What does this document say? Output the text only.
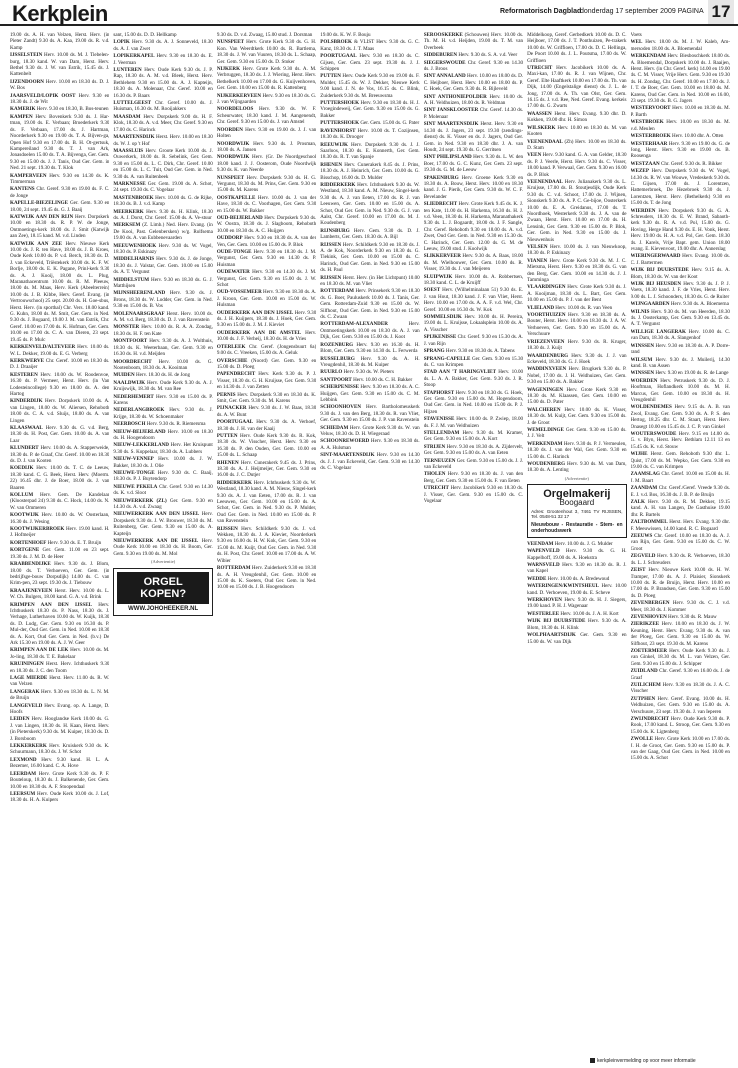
Kerkplein	Reformatorisch Dagblad
donderdag 17 september 2009 PAGINA 17
19.00 ds. A. H. van Velzen, Herst. Herv. (in Pieter Zandt) 9.30 ds. A. Kaa, 19.00 ds. R. v.d. Kamp
IJSSELSTEIN Herv. 10.00 ds. M. J. Tiebelen-burg, 18.30 kand. W. van Dam, Herst. Herv. Bethel 9.30 ds. J. W. van Estrik, 15.45 ds. J. Kattenbelt
IJZENDOORN Herv. 10.00 en 18.30 ds. D. J. W. Bos
JAARSVELD/LOPIK OOST Herv. 9.30 en 18.30 ds. J. de Wit
KAMERIK Herv. 9.30 en 18.30, B. Bos-teunen
KAMPEN Herv. Bovenkerk 9.30 ds. J. Har-tman, 19.00 ds. E. Verbaan; Broederkerk 9.30 ds. F. Verbaan, 17.00 ds. J. Hartman, Noorderkerk 9.30 en 19.00 ds. T. A. Bijven-ga, Open Hof 9.30 en 17.00 ds. B. H. Ot-gertsuk, Kampereiland 9.30 ds. T. J. van Ark, Jonasdoelen 15.00 ds. T. A. Bijvenga, Ger. Gem. 9.30 en 15.00 ds. J. J. Tanis, Oud Ger. Gem. in Ned. 21 sept. 19.30 ds. T. Klok
KAMPERVEEN Herv. 9.30 en 14.30 ds. K. Timmerman
KANTENS Chr. Geref. 9.30 en 19.00 ds. F. C. de Jonge
KAPELLE-BIEZELINGE Ger. Gem. 9.30 en 18.00, 24 sept. 19.45 ds. G. J. Baaij
KATWIJK AAN DEN RIJN Herv. Dorpskerk 10.00 en 18.30 ds. R. P. W. de Jonge, Ontmoetings-kerk 18.00 ds. J. Smit (Katwijk aan Zee), 18.15 kand. M. v.d. Linden
KATWIJK AAN ZEE Herv. Nieuwe Kerk 10.00 ds. J. R. ten Have, 18.00 ds. J. B. Kroes, Oude Kerk 10.00 ds. P. v.d. Berch, 18.30 ds. D. J. van Eckeveld, Triëstekerk 10.00 ds. K. F. W. Borlje, 18.00 ds. E. K. Pagane, Prinl-kerk 9.30 ds. A. J. Kooij, 18.00 ds. L. Plug, Maranathacentrum 10.00 ds. R. M. Pleeuw, 18.00 ds. M. Maas, Herv. Kerk (Abeelterrein) 10.00 ds. J. B. Kibbe, Herv. Geref. Evang. (in Vertrouwschool) 25 sept. 20.00 ds. H. Goe-sbus, Herst. Herv. (in sporthal) Chr. Vers. 18.00 kand. G. Kuhn, 18.00 ds. M. Smit, Ger. Gem. in Ned. 9.30 ds. J. Bogaard, 19.00 J. M. van Estrik, Chr. Geref. 10.00 en 17.00 ds. K. Hofman, Ger. Gem. 10.00 en 17.00 ds. C. A. van Dieren, 23 sept. 19.45 ds. P. Mulc
KERKENVELD/ALTEVEER Herv. 10.00 ds. W. L. Dekker, 19.00 ds. E. G. Verberg
KERKWERVE Chr. Geref. 10.00 en 18.30 ds. D. J. Draaijer
KESTEREN Herv. 10.00 ds. W. Roodenvoe, 16.30 ds. P. Vermeer, Herst. Herv. (in Van Lodesteincollege) 9.30 en 18.00 ds. A. den Hartog
KINDERDIJK Herv. Dorpskerk 10.00 ds. A. van Lingen, 18.00 ds. W. Aliersen, Rehoboth 18.00 ds. C. A. v.d. Sluijs, 18.00 ds. A. van Lingen
KLAASWAAL Herv. 9.30 ds. G. v.d. Berg, 18.30 ds. H. Post, Ger. Gem. 10.00 ds. A. van Laar
KLUNDERT Herv. 10.00 ds. A. Stapperweide, 18.30 ds. P. de Graaf, Chr. Geref. 10.00 en 18.30 ds. D. J. van Kooten
KOEDIJK Herv. 10.00 ds. T. C. de Leeuw, 18.30 kand. C. G. Beek, Herst. Herv. (Moerm. 22) 16.45 dhr. J. de Boer, 18.00 ds. J. van Baaren
KOLLUM Herv. Gem. De Kandelaar (Kloosterpad 24) 9.30 ds. C. Hock, 14.00 ds. N. W. van Ommeren
KOOTWIJK Herv. 10.00 ds. W. Oosterlaan, 16.30 ds. J. Wesing
KOOTWIJKERBROEK Herv. 19.00 kand. H. J. Hofmeijer
KORTENHOEF Herv. 9.30 ds. E. T. Bruijn
KORTGENE Ger. Gem. 11.00 en 23 sept. 19.30 ds. J. M. D. de Heer
KRABBENDIJKE Herv. 9.30 ds. J. Blom, 18.00 ds. T. Verhoeven, Ger. Gem. (in bedrijfsge-bouw Dorpsdijk) 14.00 ds. C. van Krim-pen, 23 sept. 19.30 ds. J. Tiebouw
KRAAJENEVEEN Herst. Herv. 10.00 ds. L. W. Ch. Bulgers, 18.00 kand. G. A. v.d. Brink
KRIMPEN AAN DEN IJSSEL Herv. Ichthuskerk 18.30 ds. P. Nass, 18.30 ds. J. Verhage, Lutherhaven 10.00 ds. W. Kuijk, 18.30 ds. D. Ludg, Ger. Gem. 9.30 en 16.30 ds. P. Mul-der, Oud Ger. Gem. in Ned. 10.00 en 18.30 ds. A. Kort, Oud Ger. Gem. in Ned. (b.v.) De Ark 15.30 en 19.00 ds. A. J. W. Geer
KRIMPEN AAN DE LEK Herv. 10.00 ds. M. Jo-ling, 18.30 ds. T. E. Bakelaar
KRUININGEN Herst. Herv. Ichthuskerk 9.30 en 18.30 ds. J. C. den Toom
LAGE MIERDE Herst. Herv. 11.00 ds. R. W. van Velzen
LANGERAK Herv. 9.30 en 18.30 ds. L. N. M. de Bruijn
LANGEVELD Herv. Evang. op. A. Lange, D. Hoofs
LEIDEN Herv. Hooglandse Kerk 10.00 ds. G. J. van Lingen, 18.30 ds. H. Kaan, Herst. Herv. (in Pieterskerk) 9.30 ds. M. Kuiper, 18.30 ds. D. J. Borsboom
LEKKERKERK Herv. Kruiskerk 9.30 ds. K. Schuurmann, 18.30 ds. J. W. Schot
LEXMOND Herv. 9.30 kand. H. L. A. Bezemer, 16.00 kand. C. A. Hove
LEERDAM Herv. Grote Kerk 9.30 ds. P. F. Bouteloup, 18.30 ds. J. Balkenende, Ger. Gem. 10.00 en 18.30 ds. A. F. Stoopendaal
LEERSUM Herv. Oude Kerk 10.00 ds. J. Lof, 18.30 ds. H. A. Kuipers
sant, 15.00 ds. D. D. Hellkamp
LOPIK Herv. 9.30 ds. A. J. Sonneveld, 18.30 ds. A. J. van Zwet
LOPIKERKAPEL Herv. 9.30 en 18.30 ds. E. J. Veerman
LUNTEREN Herv. Oude Kerk 9.30 ds. J. P. Rap, 18.30 ds. A. M. v.d. Bleek, Herst. Herv. Bethlehem 9.30 en 15.00 ds. A. J. Kapteijn, 18.30 ds. A. Molenaar, Chr. Geref. 10.00 en 16.30 ds. P. Baars
LUTTELGEEST Chr. Geref. 10.00 ds. J. Huisman, 16.30 ds. M. Rooijakkers
MAASDAM Herv. Dorpskerk 9.00 ds. H. F. Klok, 18.30 ds. A. v.d. Meer, Chr. Geref. 9.30 en 17.00 ds. C. Harinck
MAARTENSDIJK Herst. Herv. 10.00 en 18.30 ds. W. J. op 't Hof
MAASSLUIS Herv. Groote Kerk 10.00 ds. J. Ouwerkerk, 18.00 ds. R. Sebelink, Ger. Gem. 9.30 en 15.00 ds. L. C. Dirk, Chr. Geref. 10.00 en 15.00 ds. L. C. Tuit, Oud Ger. Gem. in Ned. 9.30 ds. A. van Ruitenbeek
MARKNESSE Ger. Gem. 19.00 ds. A. Schot, 24 sept. 19.30 ds. C. Vogelaar
MASTENBROEK Herv. 10.00 ds. G. de Rijke, 18.30 ds. B. J. v.d. Kamp
MEERKERK Herv. 9.30 ds. H. Klink, 18.30 ds. A. J. Dorst, Chr. Geref. 15.00 ds. A. Ve-stuur
MERKSEM (Z. Limb.) Ned. Herv. Evang. (in De Kooi, Past. Gelenbersken) w/g. Rolfsema 19.00 ds. A. van Eubbenevaarden
MEEUWENHOEK Herv. 9.30 ds. W. Vogel, 18.30 ds. P. Eskinazy
MIDDELHARNIS Herv. 9.30 ds. J. de Jonge, 18.30 ds. J. Valstar, Ger. Gem. 10.00 en 15.00 ds. A. T. Vergunst
MIDDELSTUM Herv. 9.30 en 18.30 ds. G. J. Matthijsen
MIJNSHEERENLAND Herv. 9.30 ds. J. Brons, 18.30 ds. W. Lodder, Ger. Gem. in Ned. 9.30 en 15.00 ds. B. Vos
MOLENAARSGRAAF Herst. Herv. 10.00 ds. A. M. v.d. Berg, 18.30 ds. D. J. van Ravenstein
MONSTER Herv. 10.00 ds. R. A. A. Zondag, 18.30 ds. H. F. ten Kate
MONTFOORT Herv. 9.30 ds. A. J. Wolthuis, 18.30 ds. K. Weeterbaan, Ger. Gem. 9.30 en 16.30 ds. H. v.d. Meijden
MOORDRECHT Herv. 10.00 ds. G. Nootenboom, 18.30 ds. A. Kooiman
MUIDEN Herv. 18.30 ds. H. de Jong
NAALDWIJK Herv. Oude Kerk 9.30 ds. A. J. Kruijswijk, 18.30 ds. M. van Ree
NEDERHEMERT Herv. 9.30 en 15.00 ds. P. Karens
NEDERLANGBROEK Herv. 9.30 ds. J. Krijge, 18.30 ds. W. Schoenmaker
NEERBOSCH Herv. 9.30 ds. R. Riemersma
NIEUW-BEIJERLAND Herv. 10.00 en 18.30 ds. H. Hoogendoorn
NIEUW-LEKKERLAND Herv. Het Kruispunt 9.30 ds. S. Koppelaar, 18.30 ds. A. Lubbers
NIEUW-VENNEP Herv. 10.00 ds. J. W. Bakker, 18.30 ds. J. Olie
NIEUWE-TONGE Herv. 9.30 ds. C. Baaij, 18.30 ds. P. J. Buytendorp
NIEUWE PEKELA Chr. Geref. 9.30 en 14.30 ds. K. v.d. Sloot
NIEUWERKERK (ZL) Ger. Gem. 9.30 en 14.30 ds. A. v.d. Zwaag
NIEUWERKERK AAN DEN IJSSEL Herv. Dorpskerk 9.30 ds. J. W. Brouwer, 18.30 ds. M. Ruitenberg, Ger. Gem. 9.30 en 15.00 ds. A. Kapteijn
NIEUWERKERK AAN DE IJSSEL Herv. Oude Kerk 10.00 en 18.30 ds. H. Boom, Ger. Gem. 9.30 en 19.00 ds. M. Mol
(Advertentie)
ORGEL KOPEN?
WWW.JOHOHEEKER.NL
9.30 ds. D. v.d. Zwaag, 15.00 stud. J. Dorsman
NUNSPEET Herv. Grote Kerk 9.30 ds. G. H. Kon. Van Weerdtkerk 10.00 ds. R. Bartlema, 18.30 ds. J. W. van Vuuren, 18.30 ds. L. Schaap, Ger. Gem. 9.30 en 15.00 ds. D. Stoker
NIJKERK Herv. Grote Kerk 9.30 ds. A. M. Verbruggen, 18.30 ds. J. J. Wiering, Herst. Herv. Bethelkerk 10.00 en 17.00 ds. G. Kuijvenhoven, Ger. Gem. 10.00 en 15.00 ds. R. Kattenberg
NIJKERKERVEEN Herv. 9.30 en 18.30 ds. G. J. van Wijngaarden
NOORDELOOS Herv. 9.30 ds. W. F. Scheurwater, 18.30 kand. J. M. Aangenendt, Chr. Geref. 9.30 en 15.00 ds. J. van Amstel
NOORDEN Herv. 9.30 en 19.00 ds. J. J. van Holten
NOORDWIJK Herv. 9.30 ds. J. Prosman, 18.00 ds. A. Jansen
NOORDWIJK Herv. (Gr. De Noordgeschool 18.00 kand. J. J. Oosterom, Oude Noordwijk 9.30 ds. K. van Neerde
NUNSPEET Herv. Dorpskerk 9.30 ds. H. G. Vergunst, 18.30 ds. M. Prins, Ger. Gem. 9.30 en 15.00 ds. M. Karens
OOSTKAPELLE Herv. 10.00 ds. J. van der Have, 18.30 ds. C. Voorhagen, Ger. Gem. 9.30 en 15.00 ds. W. Bakker
OUD-BEIJERLAND Herv. Dorpskerk 9.30 ds. W. Oostra, 18.30 ds. J. Slagboom, Rehoboth 10.00 en 18.30 ds. A. C. Huijgen
OUDDORP Herv. 9.30 en 18.30 ds. A. van der Ven, Ger. Gem. 10.00 en 15.00 ds. P. Blok
OUDE-TONGE Herv. 9.30 en 18.30 ds. J. M. Vergunst, Ger. Gem. 9.30 en 14.30 ds. P. Huisman
OUDEWATER Herv. 9.30 en 14.30 ds. J. M. Vergunst, Ger. Gem. 9.30 en 15.00 ds. J. W. Schot
OUD-VOSSEMEER Herv. 9.30 en 18.30 ds. A. J. Kroon, Ger. Gem. 10.00 en 15.00 ds. W. Hulsman
OUDERKERK AAN DEN IJSSEL Herv. 9.30 ds. J. H. Kuijpers, 18.30 ds. J. Hoek, Ger. Gem. 9.30 en 15.00 ds. J. M. J. Kieviet
OUDERKERK AAN DE AMSTEL Herv. 10.00 ds. J. F. Verheij, 18.30 ds. H. de Vries
OTERLEEK Chr. Geref. (Jongensbuurt 6a) 9.00 ds. C. Vreeken, 15.00 ds. A. Geluk
OVERSCHIE (Noord) Ger. Gem. 9.30 en 15.00 ds. D. Ploeg
PAPENDRECHT Herv. Kerk 9.30 ds. P. J. Visser, 18.30 ds. G. H. Kruijsse, Ger. Gem. 9.30 en 14.30 ds. J. van Zetten
PERNIS Herv. Dorpskerk 9.30 en 18.30 ds. K. Smit, Ger. Gem. 9.30 ds. M. Karens
PIJNACKER Herv. 9.30 ds. J. W. Baas, 18.30 ds. A. W. Bunt
POORTUGAAL Herv. 9.30 ds. A. Verhoef, 18.30 ds. J. H. van der Kaaij
PUTTEN Herv. Oude Kerk 9.30 ds. R. Kok, 18.30 ds. W. Visscher, Herst. Herv. 9.30 en 16.30 ds. P. den Ouden, Ger. Gem. 10.00 en 15.00 ds. L. Schaap
RHENEN Herv. Cunerakerk 9.45 ds. J. Prins, 18.30 ds. A. J. Heijmeijer, Ger. Gem. 9.30 en 16.00 ds. J. C. Dutjer
RIDDERKERK Herv. Ichthuskerk 9.30 ds. W. Westland, 18.30 kand. A. M. Nieuw, Singel-kerk 9.30 ds. A. J. van Eeten, 17.00 ds. R. J. van Leeuwen, Ger. Gem. 10.00 en 15.00 ds. A. Schot, Ger. Gem. in Ned. 9.30 ds. P. Mulder, Oud Ger. Gem. in Ned. 10.00 en 15.00 ds. P. van Ravenstein
RIJSSEN Herv. Schildkerk 9.30 ds. J. v.d. Wekken, 18.30 ds. J. A. Kieviet, Noorderkerk 9.30 en 16.00 ds. H. W. Kok, Ger. Gem. 9.30 en 15.00 ds. M. Kuijt, Oud Ger. Gem. in Ned. 9.30 ds. H. Post, Chr. Geref. 10.00 en 17.00 ds. A. W. Wibier
ROTTERDAM Herv. Zuiderkerk 9.30 en 18.30 ds. A. H. Vreugdenhil, Ger. Gem. 10.00 en 15.00 ds. K. Soeters, Oud Ger. Gem. in Ned. 10.00 en 15.00 ds. J. B. Hoogendoorn
19.00 ds. K. W. F. Bouju
POLSBROEK & VLIST Herv. 9.30 ds. G. C. Kanz, 18.30 ds. J. T. Maas
POORTUGAAL Herv. 9.30 en 18.30 ds. C. Gijsen, Ger. Gem. 23 sept. 19.30 ds. J. J. Schippen
PUTTEN Herv. Oude Kerk 9.30 en 19.00 ds. F. Mulder, 15.45 ds. W. J. Dekker, Nieuwe Kerk 9.00 kand. J. N. de Vos, 16.15 ds. C. Blink, Zuiderkerk 9.30 ds. M. Breeuwsma
PUTTERSHOEK Herv. 9.30 en 18.30 ds. H. J. Vroegindeweij, Ger. Gem. 9.30 en 15.00 ds. G. Bakker
PUTTERSHOEK Ger. Gem. 15.00 ds. G. Pater
RAVENHORST Herv. 10.00 ds. T. Cozijnsen, 18.30 ds. K. Drooger
REEUWIJK Herv. Dorpskerk 9.30 ds. J. J. Saarloos, 18.30 ds. E. Konnerth, Ger. Gem. 18.30 ds. R. T. van Spanje
RHENEN Herv. Cunerakerk 8.45 ds. J. Prins, 18.30 ds. A. J. Heinrich, Ger. Gem. 10.00 ds. G. Bisschop, 16.00 ds. D. Mulder
RIDDERKERK Herv. Ichthuskerk 9.30 ds. W. Westland, 18.30 kand. A. M. Nieuw, Singel-kerk 9.30 ds. A. J. van Eeten, 17.00 ds. R. J. van Leeuwen, Ger. Gem. 10.00 en 15.00 ds. A. Schot, Oud Ger. Gem. in Ned. 9.30 ds. G. J. van Aalst, Chr. Geref. 10.00 en 17.00 ds. M. J. Koudenberg
RIJNSBURG Herv. Gem. 9.30 ds. D. J. Lamberts, Ger. Gem. 18.30 ds. A. Bijl
RIJSSEN Herv. Schildkerk 9.30 en 18.30 ds. J. A. de Kok, Noorderkerk 9.30 en 18.30 ds. G. Tiekink, Ger. Gem. 10.00 en 15.00 ds. C. Harinck, Oud Ger. Gem. in Ned. 9.30 en 15.00 ds. H. Paul
RIJSSEN Herst. Herv. (in Het Lichtpunt) 10.00 en 18.30 ds. M. van Vliet
ROTTERDAM Herv. Prinsekerk 9.30 en 18.30 ds. G. Boer, Pauluskerk 10.00 ds. J. Tanis, Ger. Gem. Rotterdam-Zuid 9.30 en 15.00 ds. W. Silfhout, Oud Ger. Gem. in Ned. 9.30 en 15.00 ds. C. Zwaan
ROTTERDAM-ALEXANDER	Herv. Ontmoetingskerk 10.00 en 18.30 ds. A. J. van Dijk, Ger. Gem. 9.30 en 15.00 ds. J. Koot
ROZENBURG Herv. 9.30 en 16.30 ds. H. Blom, Ger. Gem. 9.30 en 14.30 ds. L. Ferwerda
RUSSELBURG Herv. 9.30 ds. A. H. Vreugdenhil, 18.30 ds. M. Kuiper
RUURLO Herv. 9.30 ds. W. Pieters
SANTPOORT Herv. 10.00 ds. C. H. Bakker
SCHERPENISSE Herv. 9.30 en 18.30 ds. A. C. Huijgen, Ger. Gem. 9.30 en 15.00 ds. C. M. Lebbink
SCHOONHOVEN Herv. Bartholomeuskerk 9.30 ds. J. van den Berg, 18.30 ds. R. van Vliet, Ger. Gem. 9.30 en 15.00 ds. J. P. van Ravenstein
SCHIEDAM Herv. Grote Kerk 9.30 ds. W. van Veluw, 18.30 ds. D. H. Wiegeraad
SCHOONREWOERD Herv. 9.30 en 18.30 ds. A. A. Hulsman
SINT-MAARTENSDIJK Herv. 9.30 en 14.30 ds. J. J. van Eckeveld, Ger. Gem. 9.30 en 14.30 ds. C. Vogelaar
SEROOSKERKE (Schouwen) Herv. 10.00 ds. Th. M. H. v.d. Heijden, 19.00 ds. T. M. van Overbeek
SIDDEBUREN Herv. 9.30 ds. S. A. v.d. Veer
SIEGERSWOUDE Chr. Geref. 9.30 en 14.30 ds. J. Broos
SINT ANNALAND Herv. 10.00 en 18.00 ds. D. C. Heijboer, Herst. Herv. 10.00 en 18.00 ds. P. C. Hoek, Ger. Gem. 9.30 ds. R. Bijleveld
SINT ANTHONIEPOLDER Herv. 10.00 ds. A. H. Veldhuizen, 18.00 ds. R. Veldman
SINT JANSKLOOSTER Chr. Geref. 14.30 ds. P. Molenaar
SINT MAARTENSDIJK Herst. Herv. 9.30 en 14.30 ds. J. Jagers, 23 sept. 19.30 (zendings-dienst) ds. K. Visser en ds. J. Jagers, Oud Ger. Gem. in Ned. 9.30 en 18.30 dhr. J. A. van Houdt, 24 sept. 19.30 ds. G. Gerritsen
SINT PHILIPSLAND Herv. 9.30 ds. L. W. den Boer, 17.00 ds. G. C. Kunz, Ger. Gem. 23 sept. 19.30 ds. G. M. de Leeuw
SPAKENBURG Herv. Groene Kerk 9.30 en 18.30 ds. A. Bouw, Herst. Herv. 10.00 en 18.30 kand. J. G. Pierik, Ger. Gem. 9.30 ds. W. C. F. Bevelander
SLIEDRECHT Herv. Grote Kerk 9.45 ds. K. J. ten Kate, 11.00 ds. H. Harkema, 16.30 ds. H. J. v.d. Veen, 18.30 ds. H. Harkema, Maranathakerk 9.30 ds. L. J. Bogaardt, 18.00 ds. J. F. Sangle, Chr. Geref. Rehoboth 9.30 en 18.00 ds. A. v.d. Zwet, Oud Ger. Gem. in Ned. 9.30 en 15.30 ds. C. Harinck, Ger. Gem. 12.00 ds. G. M. de Leeuw, 19.00 stud. J. Koolwijk
SLIKKERVEER Herv. 9.30 ds. A. Baas, 18.00 ds. M. Wielhouwer, Ger. Gem. 10.00 ds. R. Visser, 19.30 ds. J. van Meijeren
SLUIPWIJK Herv. 10.00 ds. A. Robbertsen, 18.30 kand. C. L. de Kruijff
SOEST Herv. (Wilhelminalaan 51) 9.30 ds. E. J. van Hout, 18.30 kand. J. F. van Vliet, Herst. Herv. 10.00 en 17.00 ds. A. A. F. v.d. Wel, Chr. Geref. 10.00 en 16.30 ds. W. Kok
SOMMELSDIJK Herv. 10.00 ds. H. Pereira, 19.00 ds. L. Kruijsse, Lokaalsplein 10.00 ds. A. A. Visscher
SPIJKENISSE Chr. Geref. 9.30 en 15.30 ds. A. J. van Rijn
SPRANG Herv. 9.30 en 18.30 ds. A. Tabens
SPRANG-CAPELLE Ger. Gem. 9.30 en 15.30 ds. C. van Krimpen
STAD AAN 'T HARINGVLIET Herv. 10.00 ds. L. A. A. Bakker, Ger. Gem. 9.30 ds. J. R. Stoop
STAPHORST Herv. 9.30 en 18.30 ds. G. Hoek, Ger. Gem. 9.30 en 15.00 ds. M. Hogendoorn, Oud Ger. Gem. in Ned. 10.00 en 15.00 ds. P. J. Hijzen
STAVENISSE Herv. 10.00 ds. P. Zwiep, 18.00 ds. F. J. M. van Veldhuizen
STELLENDAM Herv. 9.30 ds. M. Kramer, Ger. Gem. 9.30 en 15.00 ds. A. Kort
STRIJEN Herv. 9.30 en 18.30 ds. A. Zijdervelt, Ger. Gem. 9.30 en 15.00 ds. A. van Eeten
TERNEUZEN Ger. Gem. 9.30 en 15.00 ds. J. J. van Eckeveld
THOLEN Herv. 9.30 en 18.30 ds. J. van den Berg, Ger. Gem. 9.30 en 15.00 ds. F. van Eeten
UTRECHT Herv. Jacobikerk 9.30 en 18.30 ds. J. Visser, Ger. Gem. 9.30 en 15.00 ds. C. Vogelaar
Middelkoop, Geref. Gerbedkerk 10.00 ds. D. C. Heijboer, 17.00 ds. J. T. Ponthuizen, Pe-trakerk 10.00 ds. W. Griffioen, 17.00 ds. D. C. Hellinga, De Poort 10.00 ds. J. L. Poutsma, 17.00 ds. W. Griffioen
UTRECHT Herv. Jacobikerk 10.00 ds. A. Maxi-kan, 17.00 ds. R. J. van Wijnen, Chr. Geref. Elte Haaftkerk 10.00 en 17.00 ds. Th. van Dijk, 14.00 (Engelstalige dienst) ds. J. L. de Jong, 17.00 ds. A. Th. van Olst, Ger. Gem. 16.15 ds. J. v.d. Ree, Ned. Geref. Evang. kerkeis 17.00 ds. G. Zwarts
WAASSEN Herst. Herv. Evang. 9.30 dhr. D. Kokken, 19.00 dhr. H. Simon
WILSKERK Herv. 10.00 en 18.30 ds. M. van Kooten
VEENENDAAL (Zh) Herv. 10.00 en 18.30 ds. D. Stam
VEEN Herv. 9.30 kand. G. A. van Gelder, 18.30 ds. P. J. Veerle, Herst. Herv. 9.30 ds. C. Visser, 18.00 kand. P. Verwaal, Ger. Gem. 9.30 en 16.00 ds. P. Blok
VEENENDAAL Herv. Julianakerk 9.30 ds. L. Kruijsse, 17.00 ds. B. Stoutjesdijk, Oude Kerk 9.30 ds. C. v.d. Schoot, 17.00 ds. J. Wijnen, Sionskerk 9.30 ds. A. P. C. Ge-bijoe, Oosterkerk 10.00 ds. E. A. Greidanus, 17.00 ds. T. Noordhoek, Westerkerk 9.30 ds. J. A. van de Zwaan, Herst. Herv. 10.00 en 17.00 ds. H. Lensink, Ger. Gem. 9.30 en 15.00 ds. P. Blok, Ger. Gem. in Ned. 9.30 en 15.00 ds. J. Nieuwenhuis
VELSEN Herv. 10.00 ds. J. van Nieuwkoop, 18.30 ds. P. Eskinazy
VIANEN Herv. Grote Kerk 9.30 ds. M. J. C. Mietsma, Herst. Herv. 9.30 en 18.30 ds. G. van den Berg, Ger. Gem. 10.00 en 14.30 ds. J. J. Tamminga
VLAARDINGEN Herv. Grote Kerk 9.30 ds. J. A. Kooijman, 18.30 ds. L. Bart, Ger. Gem. 10.00 en 15.00 ds. P. J. van der Bent
VLIELAND Herv. 10.00 ds. R. van Veen
VOORTHUIZEN Herv. 9.30 en 18.30 ds. A. Bouter, Herst. Herv. 10.00 en 18.30 ds. J. A. W. Verhoeven, Ger. Gem. 9.30 en 15.00 ds. A. Verschuure
VRIEZENVEEN Herv. 9.30 ds. R. Kruger, 18.30 ds. J. Kuijt
WAARDENBURG Herv. 9.30 ds. J. J. van Eckeveld, 18.30 ds. G. J. Hoek
WADDINXVEEN Herv. Brugkerk 9.30 ds. P. Nobel, 17.00 ds. J. H. Veldhuizen, Ger. Gem. 9.30 en 15.00 ds. A. Bakker
WAGENINGEN Herv. Grote Kerk 9.30 en 18.30 ds. M. Klaassen, Ger. Gem. 10.00 en 15.00 ds. D. Pater
WALCHEREN Herv. 10.00 ds. K. Visser, 18.30 ds. M. Kuijt, Ger. Gem. 9.30 en 15.00 ds. J. de Groot
WEMELDINGE Ger. Gem. 9.30 en 15.00 ds. J. J. Velt
WERKENDAM Herv. 9.30 ds. P. J. Vermeulen, 18.30 ds. J. van der Wal, Ger. Gem. 9.30 en 15.00 ds. C. Harinck
WOUDENBERG Herv. 9.30 ds. M. van Dam, 18.30 ds. A. Lenting
(Advertentie)
Orgelmakerij
Boogaard
Adres: Grootenhout 3, 7461 TV RIJSSEN, Tel. 0548-51 32 17
Nieuwbouw - Restauratie - Stem- en onderhoudswerk
VEENDAM Herv. 10.00 ds. J. G. Mulder
WAPENVELD Herv. 9.30 ds. G. H. Kappelhoff, 19.00 ds. A. Hoekstra
WARNSVELD Herv. 9.30 en 18.30 ds. R. J. van Kapel
WEDDE Herv. 10.00 ds. A. Bredewoud
WATERINGEN/KWINTSHEUL Herv. 10.00 kand. D. Verhoeven, 19.00 ds. E. Scheve
WERKHOVEN Herv. 9.30 ds. H. J. Siegers, 19.00 kand. P. H. J. Wagenaar
WESTERLEE Herv. 10.00 ds. J. A. H. Kort
WIJK BIJ DUURSTEDE Herv. 9.30 ds. A. Blom, 18.30 ds. H. Klink
WOLPHAARTSDIJK Ger. Gem. 9.30 en 15.00 ds. W. van Dijk
Voets
WEL Herv. 18.00 ds. M. J. W. Kaleb, Am-mersoden 18.00 ds. A. Bloemendal
WERKENDAM Herv. Biesboschkerk 18.00 ds. A. Bloemendal, Dorpskerk 10.00 ds. J. Raaijen, Herst. Herv. (in Chr. Geref. kerk) 14.00 en 19.00 ds. C. M. Visser, Vrije Herv. Gem. 9.30 en 19.30 ds. H. Zondag, Chr. Geref. 10.00 en 17.00 ds. J. J. T. de Boer, Ger. Gem. 10.00 en 18.00 ds. M. Karens, Oud Ger. Gem. in Ned. 10.00 en 16.00, 23 sept. 19.30 ds. B. G. Jagers
WESTERVOORT Herv. 10.00 en 18.30 ds. M. P. Barth
WESTBROEK Herv. 10.00 en 18.30 ds. M. v.d. Meulen
WESTERBROEK Herv. 10.00 dhr. A. Otten
WESTERHAAR Herv. 9.30 en 19.00 ds. G. de Jong, Herst. Herv. 9.30 en 19.00 ds. B. Roosenga
WESTZAAN Chr. Geref. 9.30 ds. R. Bikker
WEZEP Herv. Dorpskerk 9.30 ds. W. Vogel, 14.30 ds. R. W. van Wouwe, Vredeskerk 9.30 ds. C. Gijsen, 17.00 ds. J. Lorentzen, Hattemerbroek, De Hezebroek 9.30 ds. J. Lorentzen, Herst. Herv. (Bethelkerk) 9.30 en 15.00 ds. T. de Jong
WIERDEN Herv. Dorpskerk 9.30 ds. G. A. Schreuders, 18.30 ds. E. W. Brand, Sabaoth-kerk 9.30 ds. R. A. v.d. Pol, 15.00 ds. G. Hoving, Herge Hand 9.30 ds. E. H. Vonk, Herst. Herv. 19.00 ds. H. A. v.d. Pol, Ger. Gem. 18.30 ds. J. Karels, Vrije Bapt. gem. Union 18.00 evang. E. Kievenvoot, 19.00 dhr. A. Annerslag
WIERINGERWAARD Herv. Evang. 10.00 ds. C. J. Bartermen
WIJK BIJ DUURSTEDE Herv. 9.15 ds. A. Blom, 18.30 ds. W. van der Koot
WIJK BIJ HEUSDEN Herv. 9.30 ds. J. P. J. Voets, 18.30 kand. J. F. de Vries, Herst. Herv. 9.00 ds. L. J. Schoonders, 18.30 ds. G. de Ruiter
WIJNGAARDEN Herv. 9.30 ds. A. Bloemerna
WILNIS Herv. 9.30 ds. M. van Heerden, 18.30 ds. J. Oosterkamp, Ger. Gem. 9.30 en 13.45 ds. A. T. Vergunst
WILLIGE LANGERAK Herv. 10.00 ds. C. van Dam, 18.30 ds. A. Slangenhof
WINSSEN Herv. 9.30 en 18.30 ds. A. P. Dorre-rand
WILSUM Herv. 9.30 ds. J. Muilerij, 14.30 kand. B. van Assen
WINSSEN Herv. 9.30 en 19.00 ds. R. de Lange
WOERDEN Herv. Petruskerk 9.30 ds. D. J. Hooftman, Hoflandkerk 10.00 ds. M. H. Marcus, Ger. Gem. 10.00 en 18.30 ds. H. Vreugdenhil
WOLDENDEMES Herv. 9.15 ds. A. B. van Zwol, Evang. Ger. Gem. 9.30 ds. A. P. S. den Hertog, 18.25 dhr. C. M. Staart, Herst. Herv. Onasegt 10.00 en 15.45 ds. J. C. P. van Ginkel
WOUTERSWOUDE Herv. 9.15 en 14.00 ds. G. v. Blyn, Herst. Herv. Bethlam 12.11 13 en 15.45 ds. K. v.d. Stouw
WIJHE Herst. Gem. Rehoboth 9.30 dhr. L. Quist, 17.00 ds. M. Wepko, Ger. Gem. 9.30 en 19.00 ds. C. van Krimpen
ZAAMSLAG Chr. Geref. 10.00 en 15.00 ds. H. J. M. Baart
ZAANDAM Chr. Geref./Geref. Vreede 9.30 ds. E. J. v.d. Bos, 16.30 ds. J. B. P. de Bruijn
ZALK Herv. 9.30 ds. R. M. Dekker, 19.15 kand. A. H. van Langen, De Gasthuise 19.00 dhr. R. Bartels
ZALTBOMMEL Herst. Herv. Evang. 9.30 dhr. F. Meeuwissen, 14.00 kand. R. C. Bogaard
ZEEUWS Chr. Geref. 10.00 en 18.30 ds. A. J. van Rijn, Ger. Gem. 9.30 en 15.00 ds. C. W. Groot
ZEGVELD Herv. 9.30 ds. R. Verhoeven, 18.30 ds. L. J. Schreuders
ZEIST Herv. Nieuwe Kerk 10.00 ds. H. W. Tramper, 17.00 ds. A. J. Plaisier, Sionskerk 10.00 ds. R. de Bruijn, Herst. Herv. 10.00 en 17.00 ds. P. Brandsen, Ger. Gem. 9.30 en 15.00 ds. D. Ploeg
ZEVENBERGEN Herv. 9.30 ds. C. J. v.d. Meer, 18.30 ds. J. Kommer
ZEVENHOVEN Herv. 9.30 ds. R. Mauw
ZIERIKZEE Herv. 10.00 en 18.30 ds. J. W. Keuning, Herst. Herv. Evang. 9.30 ds. A. van der Ploeg, Ger. Gem. 9.30 en 15.00 ds. W. Silfhout, 23 sept. 19.30 ds. M. Karens
ZOETERMEER Herv. Oude Kerk 9.30 ds. J. van Ginkel, 18.30 ds. M. L. van Velzen, Ger. Gem. 9.30 en 15.00 ds. J. Schipper
ZUIDLAND Chr. Geref. 9.30 en 16.00 ds. J. de Graaf
ZUILICHEM Herv. 9.30 en 18.30 ds. J. A. C. Visscher
ZUTPHEN Herv. Geref. Evang. 10.00 ds. H. Veldhuizen, Ger. Gem. 9.30 en 15.00 ds. A. Verschuure, 23 sept. 19.30 ds. J. van Ieperen
ZWIJNDRECHT Herv. Oude Kerk 9.30 ds. P. Rook, 17.00 kand. L. Stroop, Ger. Gem. 9.30 en 15.00 ds. K. Ligtenberg
ZWOLLE Herv. Grote Kerk 10.00 en 17.00 ds. J. H. de Groot, Ger. Gem. 9.30 en 15.00 ds. P. van der Gaag, Oud Ger. Gem. in Ned. 10.00 en 15.00 ds. A. Schot
kerkpleinvermelding op voor meer informatie
